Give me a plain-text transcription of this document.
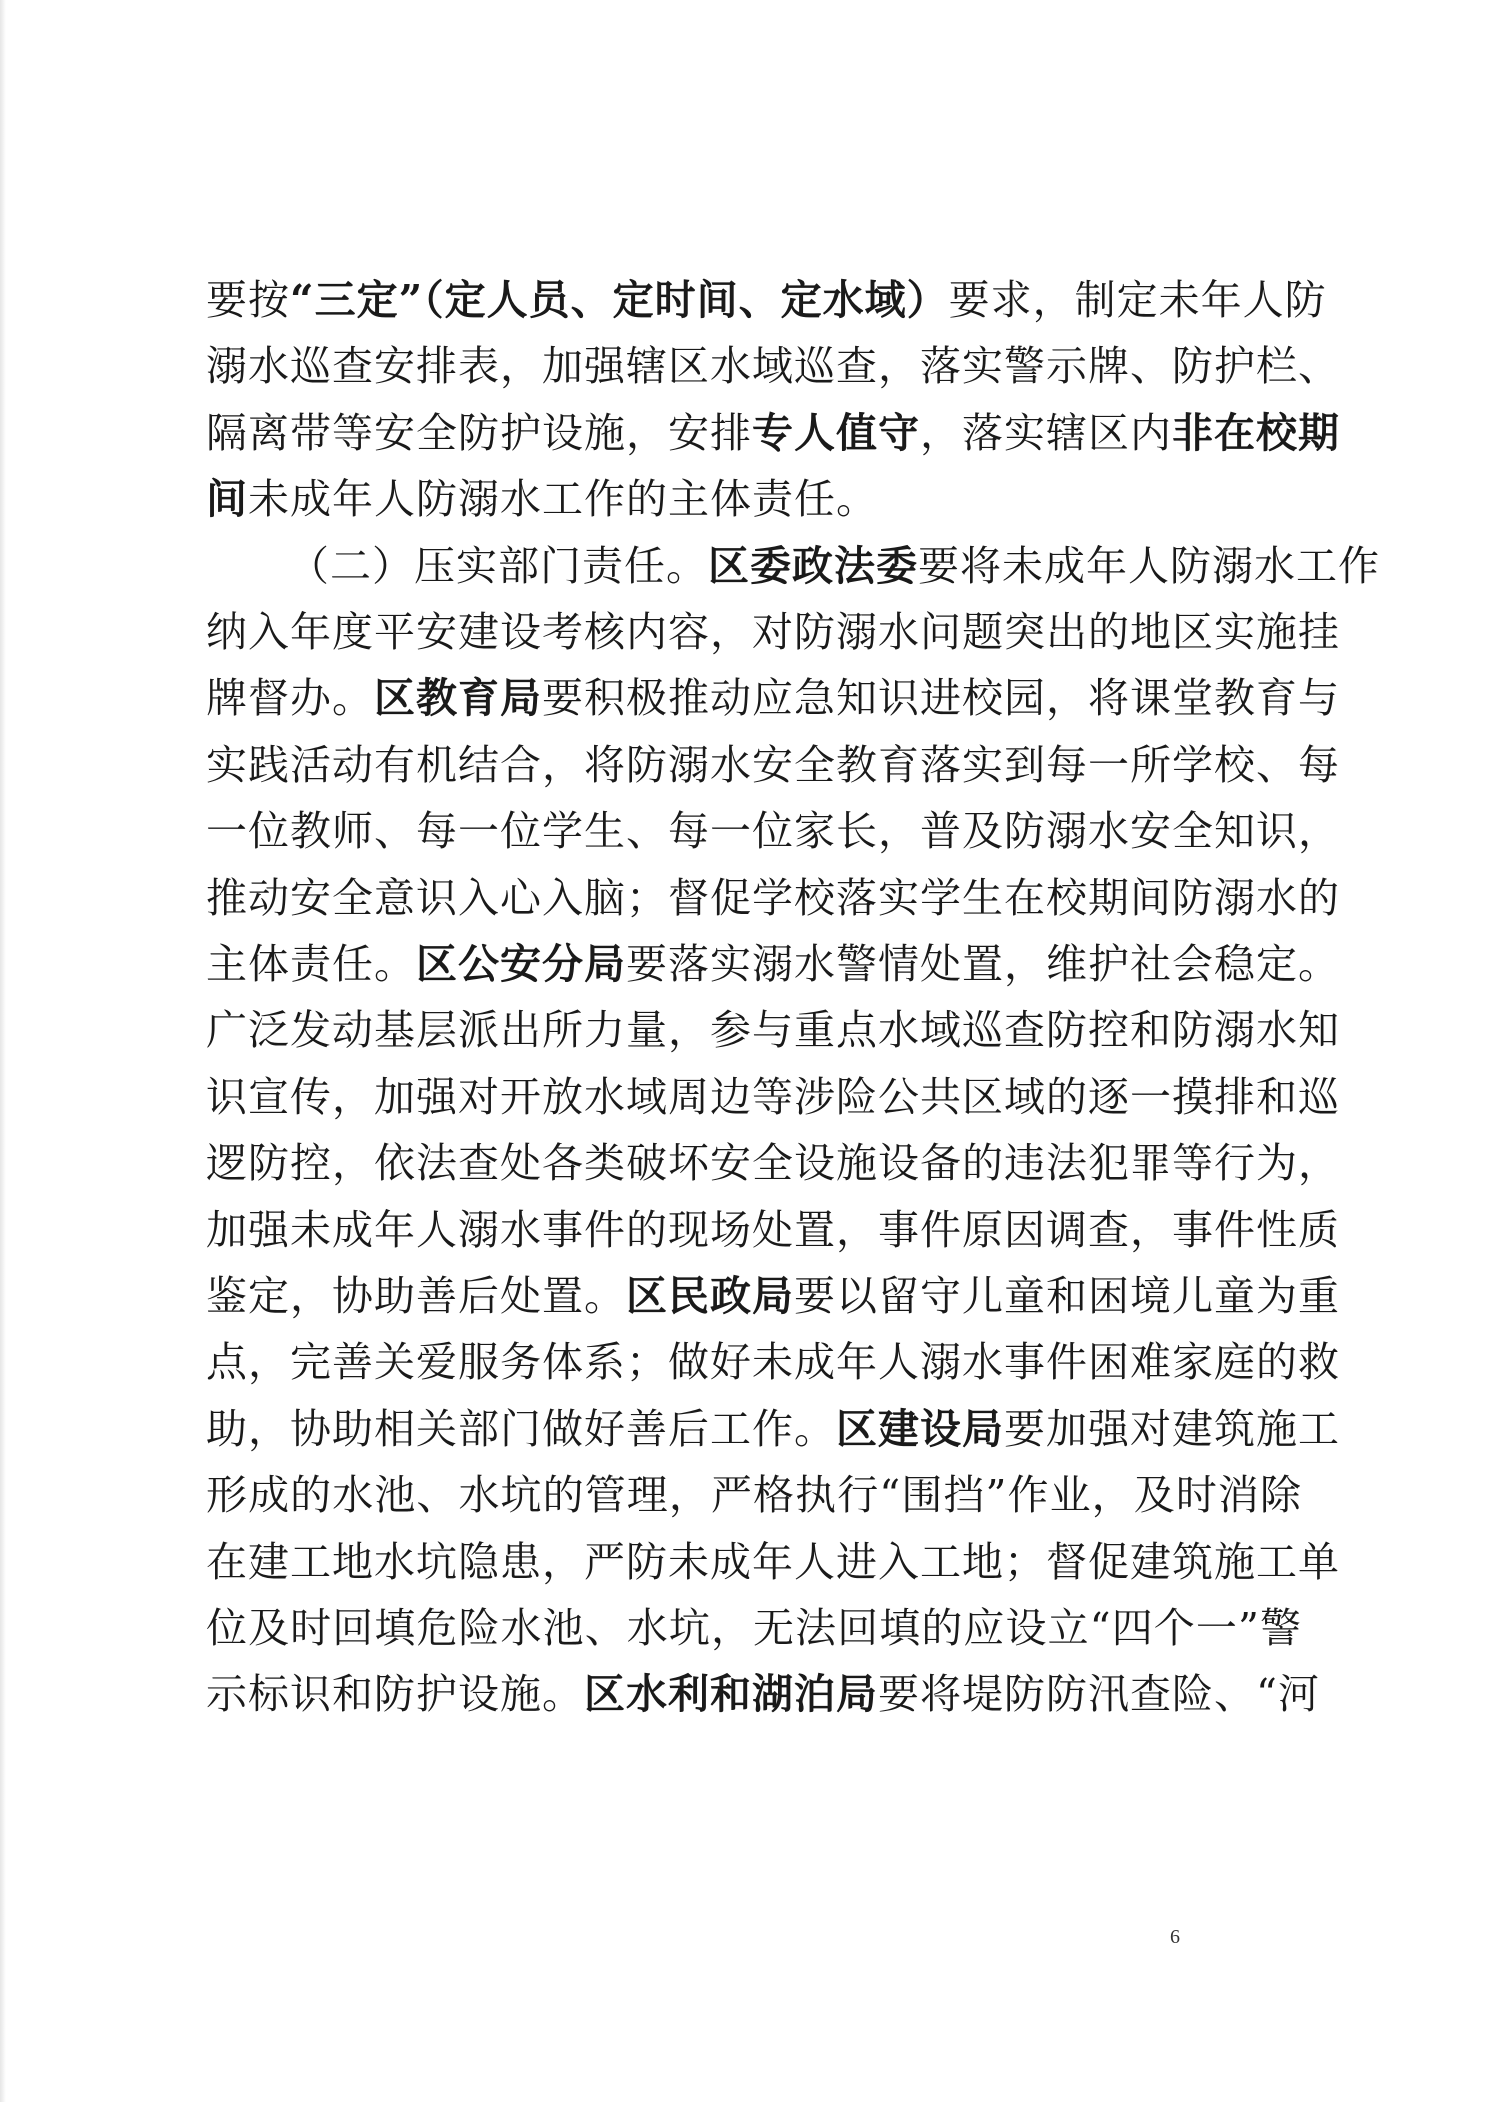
要按“三定”（定人员、定时间、定水域）要求，制定未年人防
溺水巡查安排表，加强辖区水域巡查，落实警示牌、防护栏、
隔离带等安全防护设施，安排专人值守，落实辖区内非在校期
间未成年人防溺水工作的主体责任。
（二）压实部门责任。区委政法委要将未成年人防溺水工作
纳入年度平安建设考核内容，对防溺水问题突出的地区实施挂
牌督办。区教育局要积极推动应急知识进校园，将课堂教育与
实践活动有机结合，将防溺水安全教育落实到每一所学校、每
一位教师、每一位学生、每一位家长，普及防溺水安全知识，
推动安全意识入心入脑；督促学校落实学生在校期间防溺水的
主体责任。区公安分局要落实溺水警情处置，维护社会稳定。
广泛发动基层派出所力量，参与重点水域巡查防控和防溺水知
识宣传，加强对开放水域周边等涉险公共区域的逐一摸排和巡
逻防控，依法查处各类破坏安全设施设备的违法犯罪等行为，
加强未成年人溺水事件的现场处置，事件原因调查，事件性质
鉴定，协助善后处置。区民政局要以留守儿童和困境儿童为重
点，完善关爱服务体系；做好未成年人溺水事件困难家庭的救
助，协助相关部门做好善后工作。区建设局要加强对建筑施工
形成的水池、水坑的管理，严格执行“围挡”作业，及时消除
在建工地水坑隐患，严防未成年人进入工地；督促建筑施工单
位及时回填危险水池、水坑，无法回填的应设立“四个一”警
示标识和防护设施。区水利和湖泊局要将堤防防汛查险、“河
6
